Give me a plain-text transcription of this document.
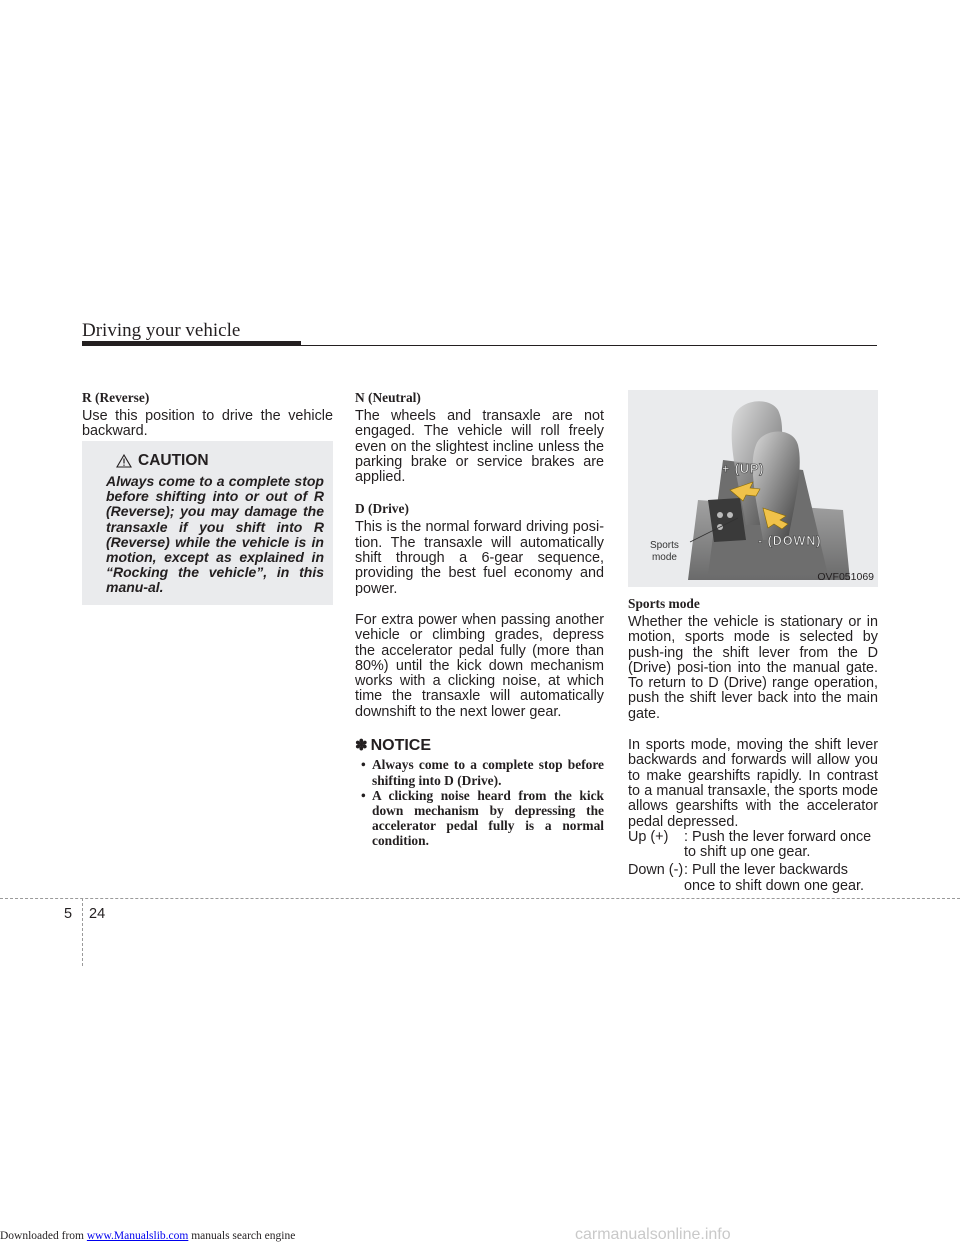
Driving your vehicle

R (Reverse)

Use this position to drive the vehicle backward.

CAUTION
Always come to a complete stop before shifting into or out of R (Reverse); you may damage the transaxle if you shift into R (Reverse) while the vehicle is in motion, except as explained in “Rocking the vehicle”, in this manu-al.

N (Neutral)

The wheels and transaxle are not engaged. The vehicle will roll freely even on the slightest incline unless the parking brake or service brakes are applied.

D (Drive)

This is the normal forward driving posi-tion. The transaxle will automatically shift through a 6-gear sequence, providing the best fuel economy and power.

For extra power when passing another vehicle or climbing grades, depress the accelerator pedal fully (more than 80%) until the kick down mechanism works with a clicking noise, at which time the transaxle will automatically downshift to the next lower gear.

✽ NOTICE

• Always come to a complete stop before shifting into D (Drive).
• A clicking noise heard from the kick down mechanism by depressing the accelerator pedal fully is a normal condition.
+ (UP)
- (DOWN)
Sports
mode
OVF051069

Sports mode

Whether the vehicle is stationary or in motion, sports mode is selected by push-ing the shift lever from the D (Drive) posi-tion into the manual gate. To return to D (Drive) range operation, push the shift lever back into the main gate.

In sports mode, moving the shift lever backwards and forwards will allow you to make gearshifts rapidly. In contrast to a manual transaxle, the sports mode allows gearshifts with the accelerator pedal depressed.

Up (+)	: Push the lever forward once to shift up one gear.
Down (-) : Pull the lever backwards once to shift down one gear.
5 24
Downloaded from www.Manualslib.com manuals search engine	carmanualsonline.info
